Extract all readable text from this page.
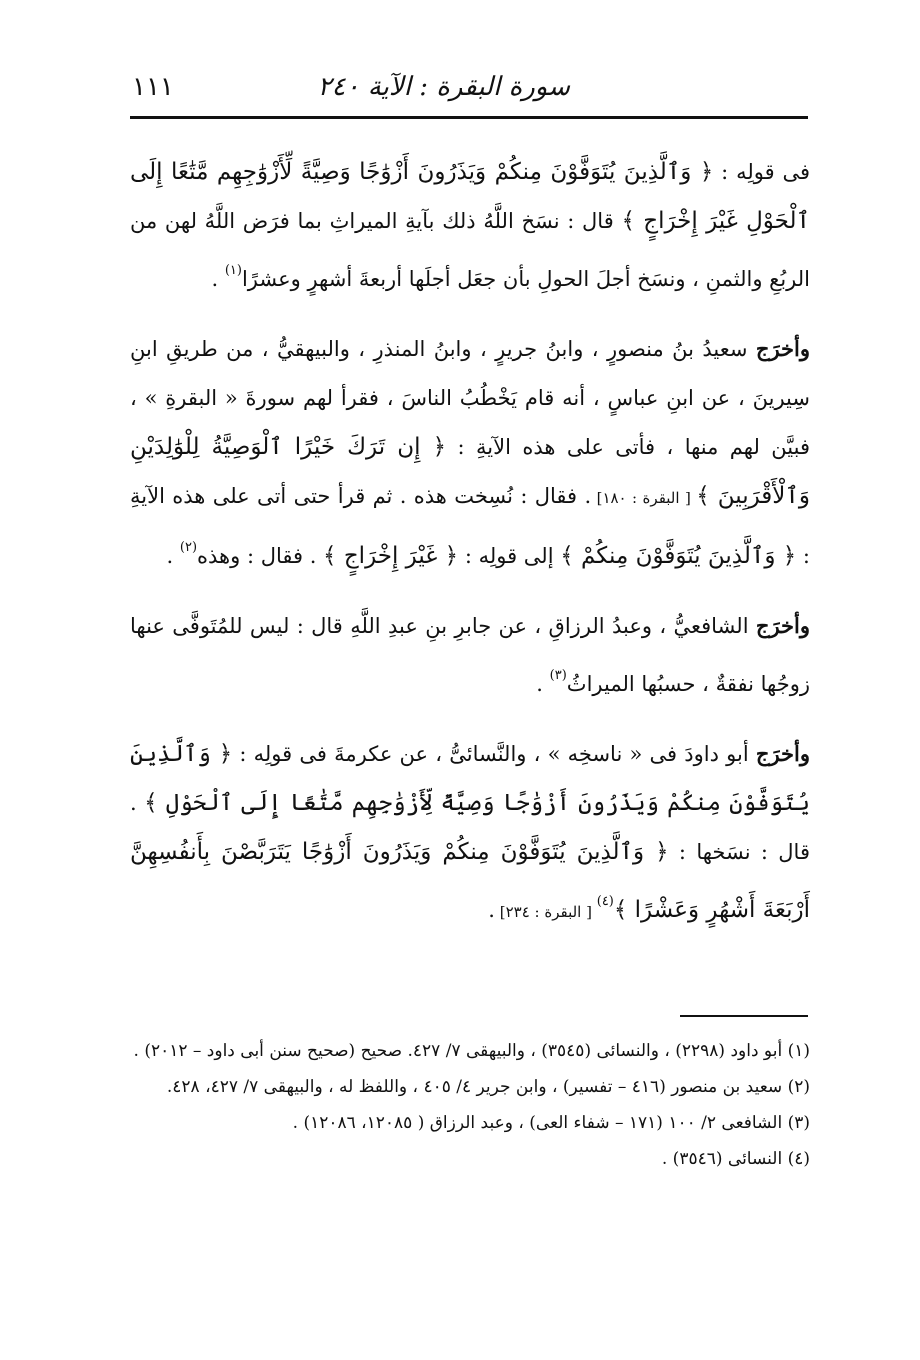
سورة البقرة : الآية ٢٤٠
١١١

فى قولِه : ﴿ وَٱلَّذِينَ يُتَوَفَّوْنَ مِنكُمْ وَيَذَرُونَ أَزْوَٰجًا وَصِيَّةً لِّأَزْوَٰجِهِم مَّتَٰعًا إِلَى ٱلْحَوْلِ غَيْرَ إِخْرَاجٍ ﴾ قال : نسَخ اللَّهُ ذلك بآيةِ الميراثِ بما فرَض اللَّهُ لهن من الربُعِ والثمنِ ، ونسَخ أجلَ الحولِ بأن جعَل أجلَها أربعةَ أشهرٍ وعشرًا$^{(١)}$ .

وأخرَج سعيدُ بنُ منصورٍ ، وابنُ جريرٍ ، وابنُ المنذرِ ، والبيهقيُّ ، من طريقِ ابنِ سِيرينَ ، عن ابنِ عباسٍ ، أنه قام يَخْطُبُ الناسَ ، فقرأ لهم سورةَ « البقرةِ » ، فبيَّن لهم منها ، فأتى على هذه الآيةِ : ﴿ إِن تَرَكَ خَيْرًا ٱلْوَصِيَّةُ لِلْوَٰلِدَيْنِ وَٱلْأَقْرَبِينَ ﴾ [ البقرة : ١٨٠] . فقال : نُسِخت هذه . ثم قرأ حتى أتى على هذه الآيةِ : ﴿ وَٱلَّذِينَ يُتَوَفَّوْنَ مِنكُمْ ﴾ إلى قولِه : ﴿ غَيْرَ إِخْرَاجٍ ﴾ . فقال : وهذه$^{(٢)}$ .

وأخرَج الشافعيُّ ، وعبدُ الرزاقِ ، عن جابرِ بنِ عبدِ اللَّهِ قال : ليس للمُتَوفَّى عنها زوجُها نفقةٌ ، حسبُها الميراثُ$^{(٣)}$ .

وأخرَج أبو داودَ فى « ناسخِه » ، والنَّسائىُّ ، عن عكرمةَ فى قولِه : ﴿ وَٱلَّذِينَ يُتَوَفَّوْنَ مِنكُمْ وَيَذَرُونَ أَزْوَٰجًا وَصِيَّةً لِّأَزْوَٰجِهِم مَّتَٰعًا إِلَى ٱلْحَوْلِ ﴾ . قال : نسَخها : ﴿ وَٱلَّذِينَ يُتَوَفَّوْنَ مِنكُمْ وَيَذَرُونَ أَزْوَٰجًا يَتَرَبَّصْنَ بِأَنفُسِهِنَّ أَرْبَعَةَ أَشْهُرٍ وَعَشْرًا ﴾$^{(٤)}$ [ البقرة : ٢٣٤] .

(١) أبو داود (٢٢٩٨) ، والنسائى (٣٥٤٥) ، والبيهقى ٧/ ٤٢٧. صحيح (صحيح سنن أبى داود – ٢٠١٢) .

(٢) سعيد بن منصور (٤١٦ – تفسير) ، وابن جرير ٤/ ٤٠٥ ، واللفظ له ، والبيهقى ٧/ ٤٢٧، ٤٢٨.

(٣) الشافعى ٢/ ١٠٠ (١٧١ – شفاء العى) ، وعبد الرزاق ( ١٢٠٨٥، ١٢٠٨٦) .

(٤) النسائى (٣٥٤٦) .
